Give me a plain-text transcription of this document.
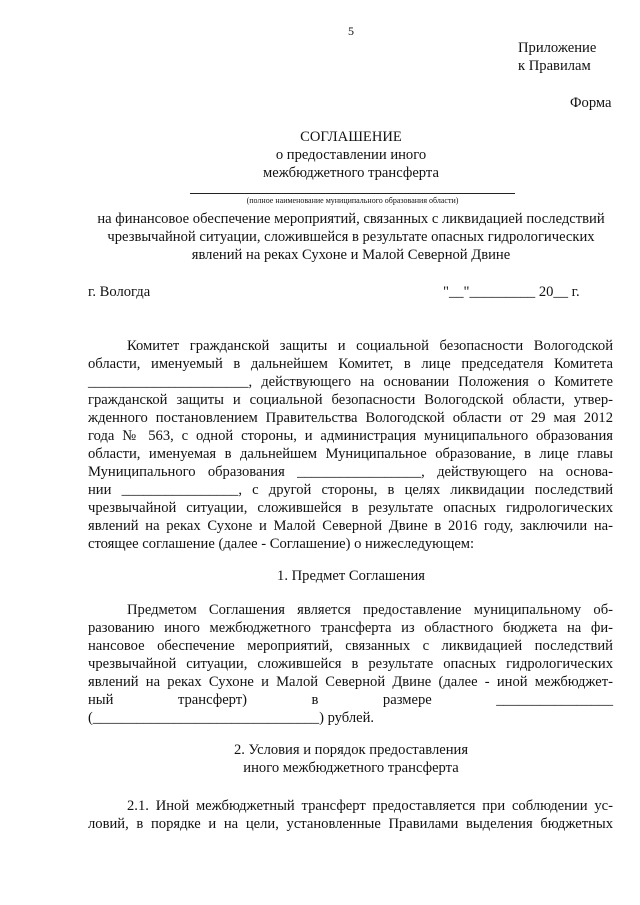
5
Приложение
к Правилам
Форма
СОГЛАШЕНИЕ
о предоставлении иного
межбюджетного трансферта
(полное наименование муниципального образования области)
на финансовое обеспечение мероприятий, связанных с ликвидацией последствий
чрезвычайной ситуации, сложившейся в результате опасных гидрологических
явлений на реках Сухоне и Малой Северной Двине
г. Вологда	"__"_________ 20__ г.
Комитет гражданской защиты и социальной безопасности Вологодской
области, именуемый в дальнейшем Комитет, в лице председателя Комитета
______________________, действующего на основании Положения о Комитете
гражданской защиты и социальной безопасности Вологодской области, утвер-
жденного постановлением Правительства Вологодской области от 29 мая 2012
года № 563, с одной стороны, и администрация муниципального образования
области, именуемая в дальнейшем Муниципальное образование, в лице главы
Муниципального образования _________________, действующего на основа-
нии ________________, с другой стороны, в целях ликвидации последствий
чрезвычайной ситуации, сложившейся в результате опасных гидрологических
явлений на реках Сухоне и Малой Северной Двине в 2016 году, заключили на-
стоящее соглашение (далее - Соглашение) о нижеследующем:
1. Предмет Соглашения
Предметом Соглашения является предоставление муниципальному об-
разованию иного межбюджетного трансферта из областного бюджета на фи-
нансовое обеспечение мероприятий, связанных с ликвидацией последствий
чрезвычайной ситуации, сложившейся в результате опасных гидрологических
явлений на реках Сухоне и Малой Северной Двине (далее - иной межбюджет-
ный	трансферт)	в	размере	________________
(_______________________________) рублей.
2. Условия и порядок предоставления
иного межбюджетного трансферта
2.1. Иной межбюджетный трансферт предоставляется при соблюдении ус-
ловий, в порядке и на цели, установленные Правилами выделения бюджетных
